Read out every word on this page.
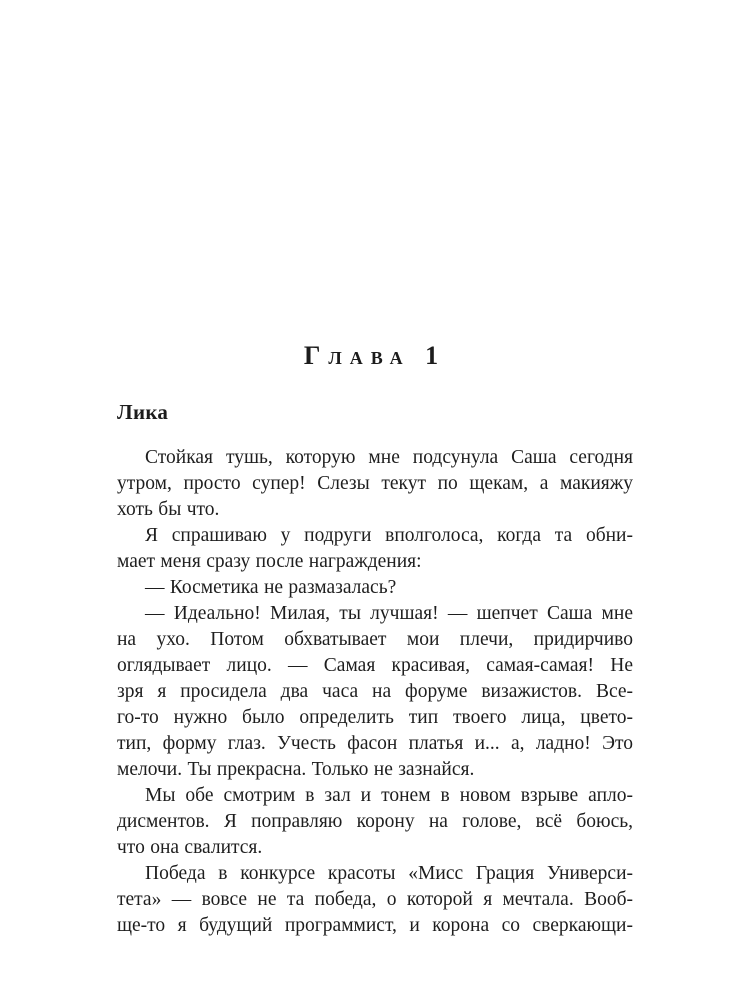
Глава 1
Лика
Стойкая тушь, которую мне подсунула Саша сегодня
утром, просто супер! Слезы текут по щекам, а макияжу
хоть бы что.
Я спрашиваю у подруги вполголоса, когда та обни-
мает меня сразу после награждения:
— Косметика не размазалась?
— Идеально! Милая, ты лучшая! — шепчет Саша мне
на ухо. Потом обхватывает мои плечи, придирчиво
оглядывает лицо. — Самая красивая, самая-самая! Не
зря я просидела два часа на форуме визажистов. Все-
го-то нужно было определить тип твоего лица, цвето-
тип, форму глаз. Учесть фасон платья и... а, ладно! Это
мелочи. Ты прекрасна. Только не зазнайся.
Мы обе смотрим в зал и тонем в новом взрыве апло-
дисментов. Я поправляю корону на голове, всё боюсь,
что она свалится.
Победа в конкурсе красоты «Мисс Грация Универси-
тета» — вовсе не та победа, о которой я мечтала. Вооб-
ще-то я будущий программист, и корона со сверкающи-
